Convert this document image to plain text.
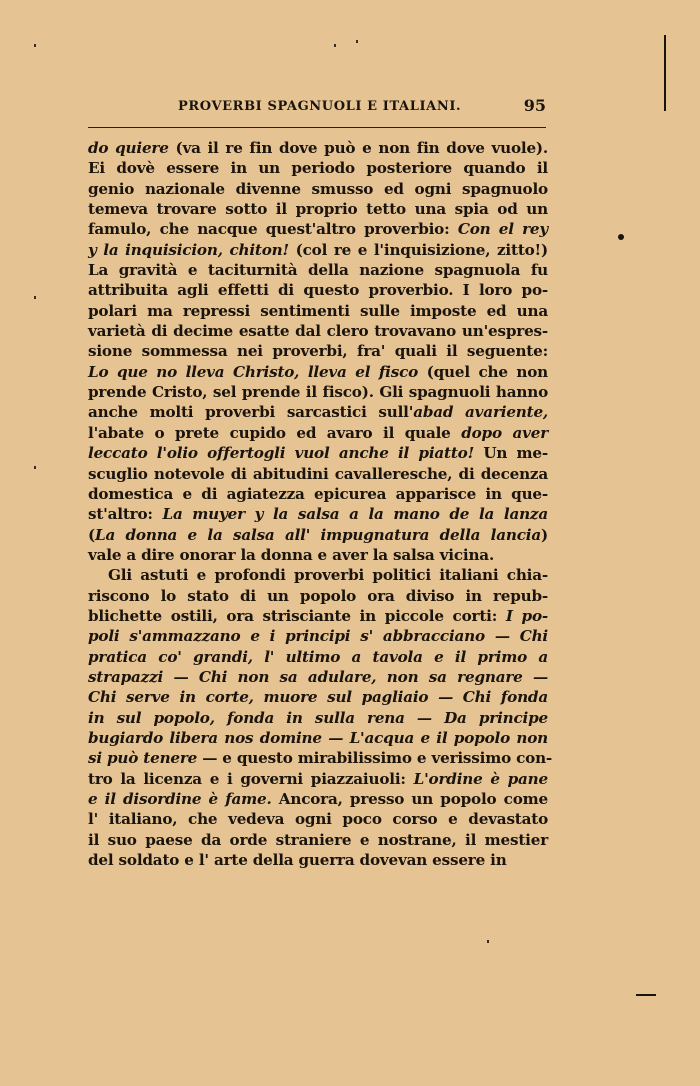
PROVERBI SPAGNUOLI E ITALIANI.	95
do quiere (va il re fin dove può e non fin dove vuole).
Ei dovè essere in un periodo posteriore quando il
genio nazionale divenne smusso ed ogni spagnuolo
temeva trovare sotto il proprio tetto una spia od un
famulo, che nacque quest'altro proverbio: Con el rey
y la inquisicion, chiton! (col re e l'inquisizione, zitto!)
La gravità e taciturnità della nazione spagnuola fu
attribuita agli effetti di questo proverbio. I loro po-
polari ma repressi sentimenti sulle imposte ed una
varietà di decime esatte dal clero trovavano un'espres-
sione sommessa nei proverbi, fra' quali il seguente:
Lo que no lleva Christo, lleva el fisco (quel che non
prende Cristo, sel prende il fisco). Gli spagnuoli hanno
anche molti proverbi sarcastici sull'abad avariente,
l'abate o prete cupido ed avaro il quale dopo aver
leccato l'olio offertogli vuol anche il piatto! Un me-
scuglio notevole di abitudini cavalleresche, di decenza
domestica e di agiatezza epicurea apparisce in que-
st'altro: La muyer y la salsa a la mano de la lanza
(La donna e la salsa all' impugnatura della lancia)
vale a dire onorar la donna e aver la salsa vicina.
Gli astuti e profondi proverbi politici italiani chia-
riscono lo stato di un popolo ora diviso in repub-
blichette ostili, ora strisciante in piccole corti: I po-
poli s'ammazzano e i principi s' abbracciano — Chi
pratica co' grandi, l' ultimo a tavola e il primo a
strapazzi — Chi non sa adulare, non sa regnare —
Chi serve in corte, muore sul pagliaio — Chi fonda
in sul popolo, fonda in sulla rena — Da principe
bugiardo libera nos domine — L'acqua e il popolo non
si può tenere — e questo mirabilissimo e verissimo con-
tro la licenza e i governi piazzaiuoli: L'ordine è pane
e il disordine è fame. Ancora, presso un popolo come
l' italiano, che vedeva ogni poco corso e devastato
il suo paese da orde straniere e nostrane, il mestier
del soldato e l' arte della guerra dovevan essere in
